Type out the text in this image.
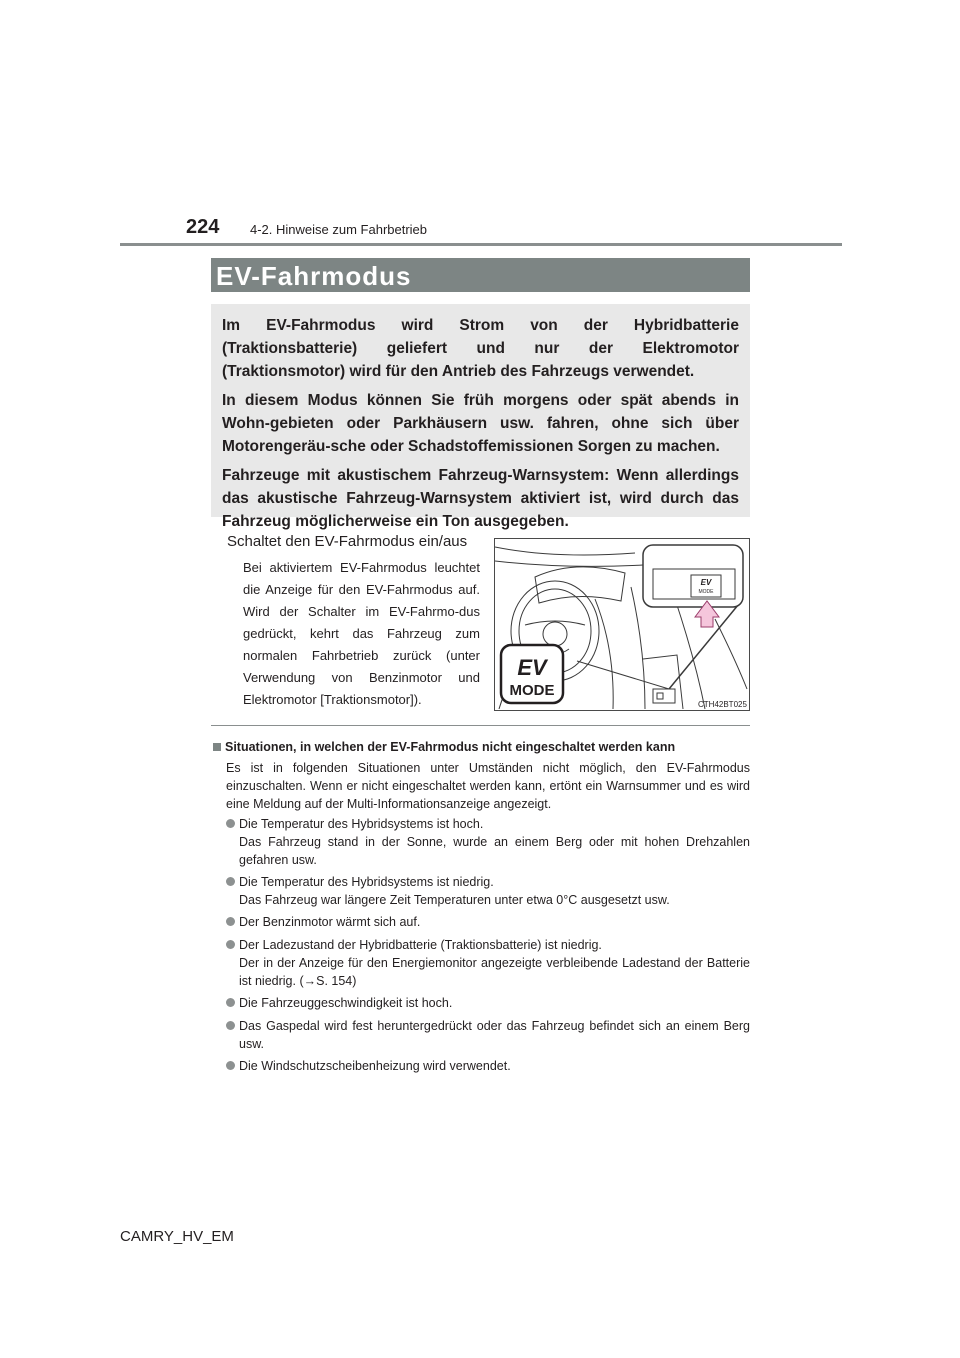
224 4-2. Hinweise zum Fahrbetrieb
EV-Fahrmodus

Im EV-Fahrmodus wird Strom von der Hybridbatterie (Traktionsbatterie) geliefert und nur der Elektromotor (Traktionsmotor) wird für den Antrieb des Fahrzeugs verwendet.

In diesem Modus können Sie früh morgens oder spät abends in Wohn-gebieten oder Parkhäusern usw. fahren, ohne sich über Motorengeräu-sche oder Schadstoffemissionen Sorgen zu machen.

Fahrzeuge mit akustischem Fahrzeug-Warnsystem: Wenn allerdings das akustische Fahrzeug-Warnsystem aktiviert ist, wird durch das Fahrzeug möglicherweise ein Ton ausgegeben.

Schaltet den EV-Fahrmodus ein/aus
Bei aktiviertem EV-Fahrmodus leuchtet die Anzeige für den EV-Fahrmodus auf. Wird der Schalter im EV-Fahrmo-dus gedrückt, kehrt das Fahrzeug zum normalen Fahrbetrieb zurück (unter Verwendung von Benzinmotor und Elektromotor [Traktionsmotor]).
EV
MODE
EV
MODE
CTH42BT025
Situationen, in welchen der EV-Fahrmodus nicht eingeschaltet werden kann
Es ist in folgenden Situationen unter Umständen nicht möglich, den EV-Fahrmodus einzuschalten. Wenn er nicht eingeschaltet werden kann, ertönt ein Warnsummer und es wird eine Meldung auf der Multi-Informationsanzeige angezeigt.
Die Temperatur des Hybridsystems ist hoch.
Das Fahrzeug stand in der Sonne, wurde an einem Berg oder mit hohen Drehzahlen gefahren usw.
Die Temperatur des Hybridsystems ist niedrig.
Das Fahrzeug war längere Zeit Temperaturen unter etwa 0°C ausgesetzt usw.
Der Benzinmotor wärmt sich auf.
Der Ladezustand der Hybridbatterie (Traktionsbatterie) ist niedrig.
Der in der Anzeige für den Energiemonitor angezeigte verbleibende Ladestand der Batterie ist niedrig. (→S. 154)
Die Fahrzeuggeschwindigkeit ist hoch.
Das Gaspedal wird fest heruntergedrückt oder das Fahrzeug befindet sich an einem Berg usw.
Die Windschutzscheibenheizung wird verwendet.
CAMRY_HV_EM
